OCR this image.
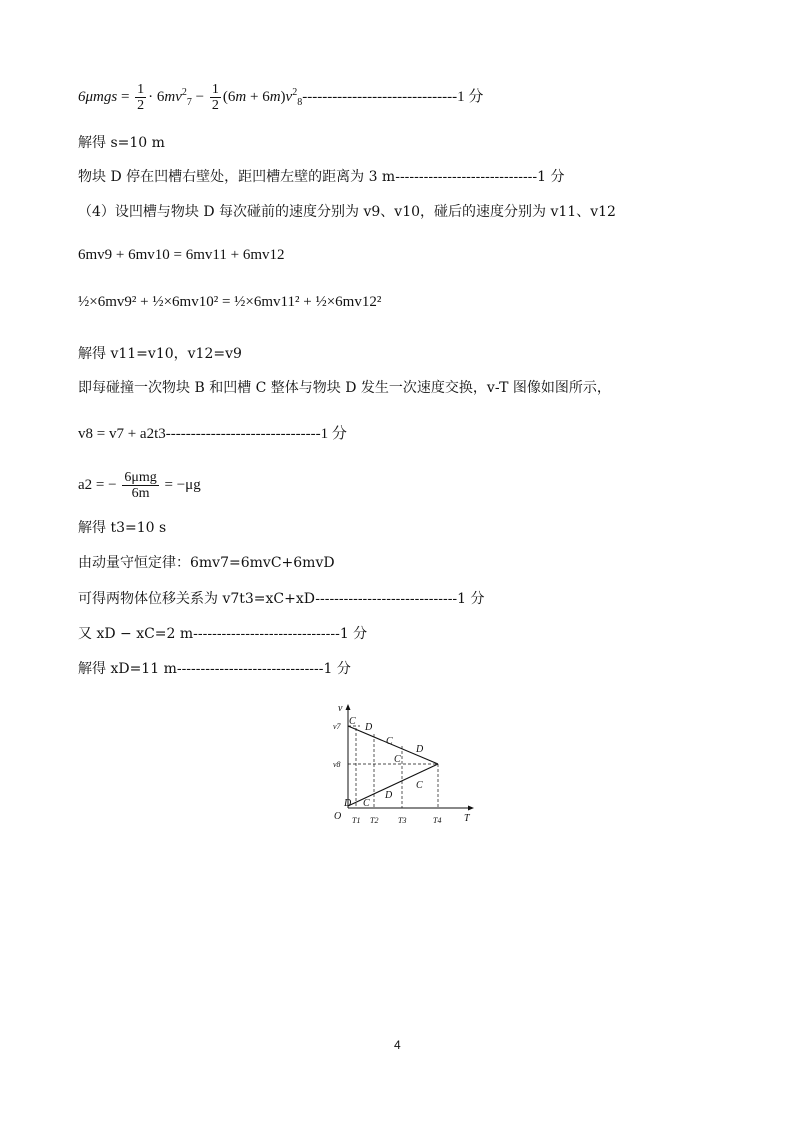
$6\mu mgs = \frac{1}{2} \cdot 6mv^2_7 - \frac{1}{2} (6m + 6m)v^2_8-------------------------------1$ 分
解得 s=10 m
物块 D 停在凹槽右壁处，距凹槽左壁的距离为 3 m------------------------------1 分
（4）设凹槽与物块 D 每次碰前的速度分别为 v9、v10，碰后的速度分别为 v11、v12
6mv9 + 6mv10 = 6mv11 + 6mv12
½×6mv9² + ½×6mv10² = ½×6mv11² + ½×6mv12²
解得 v11=v10，v12=v9
即每碰撞一次物块 B 和凹槽 C 整体与物块 D 发生一次速度交换，v-T 图像如图所示，
v8 = v7 + a2t3-------------------------------1 分
a2 = − $\frac{\text{6μmg}}{6m} = -\mu g$
解得 t3=10 s
由动量守恒定律：6mv7=6mvC+6mvD
可得两物体位移关系为 v7t3=xC+xD------------------------------1 分
又 xD − xC=2 m-------------------------------1 分
解得 xD=11 m-------------------------------1 分
v
T
O
v7
v8
T1 T2 T3	T4
C
D
C
D
C
D
C
D
C
4
